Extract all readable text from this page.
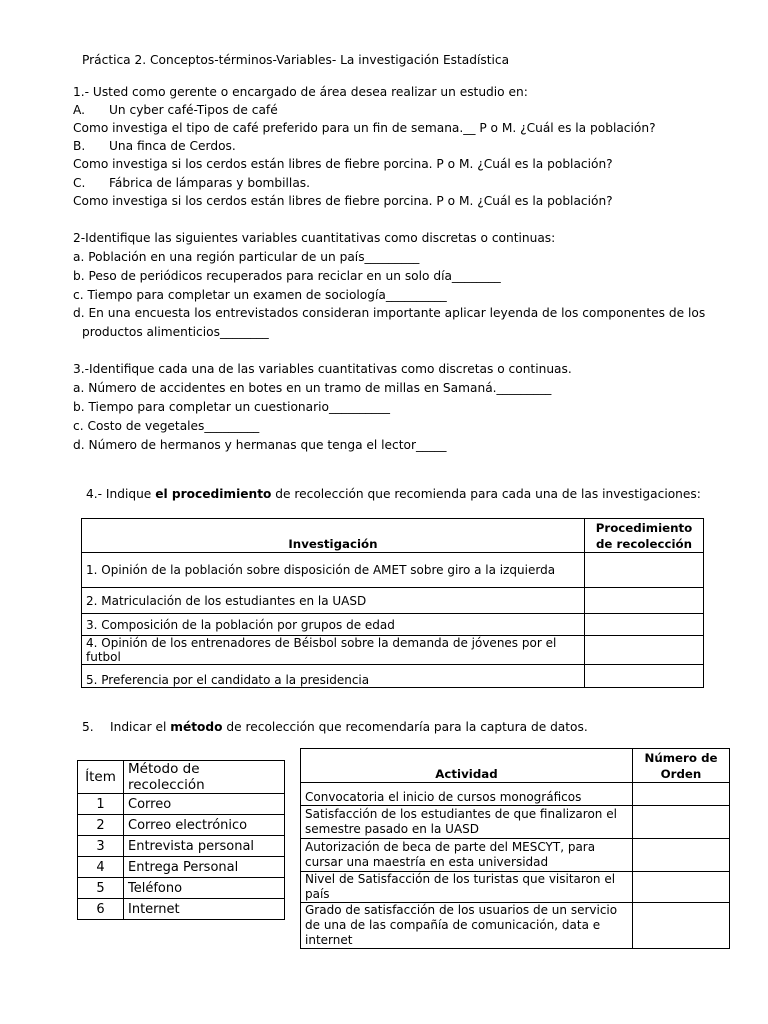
Práctica 2. Conceptos-términos-Variables- La investigación Estadística
1.- Usted como gerente o encargado de área desea realizar un estudio en:
A. Un cyber café-Tipos de café
Como investiga el tipo de café preferido para un fin de semana.__ P o M. ¿Cuál es la población?
B. Una finca de Cerdos.
Como investiga si los cerdos están libres de fiebre porcina. P o M. ¿Cuál es la población?
C. Fábrica de lámparas y bombillas.
Como investiga si los cerdos están libres de fiebre porcina. P o M. ¿Cuál es la población?
2-Identifique las siguientes variables cuantitativas como discretas o continuas:
a. Población en una región particular de un país_________
b. Peso de periódicos recuperados para reciclar en un solo día________
c. Tiempo para completar un examen de sociología__________
d. En una encuesta los entrevistados consideran importante aplicar leyenda de los componentes de los
productos alimenticios________
3.-Identifique cada una de las variables cuantitativas como discretas o continuas.
a. Número de accidentes en botes en un tramo de millas en Samaná._________
b. Tiempo para completar un cuestionario__________
c. Costo de vegetales_________
d. Número de hermanos y hermanas que tenga el lector_____
4.- Indique el procedimiento de recolección que recomienda para cada una de las investigaciones:
Investigación	Procedimiento de recolección
1. Opinión de la población sobre disposición de AMET sobre giro a la izquierda	
2. Matriculación de los estudiantes en la UASD	
3. Composición de la población por grupos de edad	
4. Opinión de los entrenadores de Béisbol sobre la demanda de jóvenes por el futbol	
5. Preferencia por el candidato a la presidencia	
5. Indicar el método de recolección que recomendaría para la captura de datos.
Ítem	Método de recolección
1	Correo
2	Correo electrónico
3	Entrevista personal
4	Entrega Personal
5	Teléfono
6	Internet
Actividad	Número de Orden
Convocatoria el inicio de cursos monográficos	
Satisfacción de los estudiantes de que finalizaron el semestre pasado en la UASD	
Autorización de beca de parte del MESCYT, para cursar una maestría en esta universidad	
Nivel de Satisfacción de los turistas que visitaron el país	
Grado de satisfacción de los usuarios de un servicio de una de las compañía de comunicación, data e internet	
